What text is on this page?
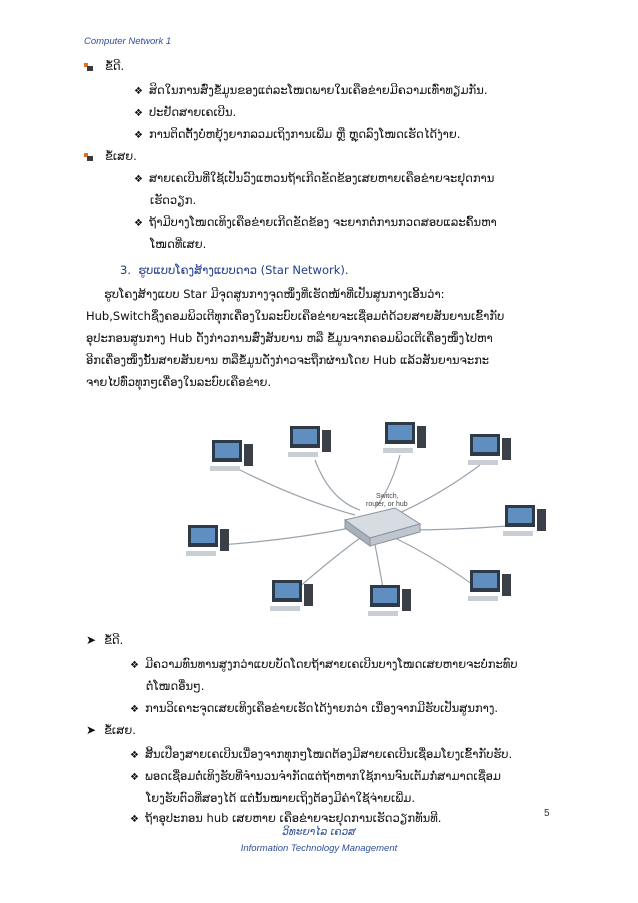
Computer Network 1
ຂໍ້ດີ.
❖ ສິດໃນການສົ່ງຂໍ້ມູນຂອງແຕ່ລະໂໜດພາຍໃນເຄືອຂ່າຍມີຄວາມເທົ່າທຽມກັນ.
❖ ປະຢັດສາຍເຄເບີນ.
❖ ການຕິດຕັ້ງບໍ່ຫຍຸ້ງຍາກລວມເຖິງການເພີ່ມ ຫຼື ຫຼຸດລົງໂໜດເຮັດໄດ້ງ່າຍ.
ຂໍ້ເສຍ.
❖ ສາຍເຄເບີນທີ່ໃຊ້ເປັນວົງແຫວນຖ້າເກີດຂັດຂ້ອງເສຍຫາຍເຄືອຂ່າຍຈະຢຸດການ
ເຮັດວຽກ.
❖ ຖ້າມີບາງໂໜດເທິງເຄືອຂ່າຍເກີດຂັດຂ້ອງ ຈະຍາກຕໍ່ການກວດສອບແລະຄົ້ນຫາ
ໂໜດທີ່ເສຍ.
3. ຮູບແບບໂຄງສ້າງແບບດາວ (Star Network).
ຮູບໂຄງສ້າງແບບ Star ມີຈຸດສູນກາງຈຸດໜຶ່ງທີ່ເຮັດໜ້າທີ່ເປັນສູນກາງເອີ້ນວ່າ:
Hub,Switchຊຶ່ງຄອມພິວເຕີທຸກເຄື່ອງໃນລະບົບເຄືອຂ່າຍຈະເຊື່ອມຕໍ່ດ້ວຍສາຍສັນຍານເຂົ້າກັບ
ອຸປະກອນສູນກາງ Hub ດັ່ງກ່າວການສົ່ງສັນຍານ ຫລື ຂໍ້ມູນຈາກຄອມພິວເຕີເຄື່ອງໜຶ່ງໄປຫາ
ອີກເຄື່ອງໜຶ່ງນັ້ນສາຍສັນຍານ ຫລືຂໍ້ມູນດັ່ງກ່າວຈະຖືກຜ່ານໂດຍ Hub ແລ້ວສັນຍານຈະກະ
ຈາຍໄປທົ່ວທຸກໆເຄື່ອງໃນລະບົບເຄືອຂ່າຍ.
Switch,
router, or hub
➤ ຂໍ້ດີ.
❖ ມີຄວາມທົນທານສູງກວ່າແບບບັດໂດຍຖ້າສາຍເຄເບີນບາງໂໜດເສຍຫາຍຈະບໍ່ກະທົບ
ຕໍ່ໂໜດອື່ນໆ.
❖ ການວິເຄາະຈຸດເສຍເທິງເຄືອຂ່າຍເຮັດໄດ້ງ່າຍກວ່າ ເນື່ອງຈາກມີຮັບເປັນສູນກາງ.
➤ ຂໍ້ເສຍ.
❖ ສິ້ນເປືອງສາຍເຄເບີນເນື່ອງຈາກທຸກໆໂໜດຕ້ອງມີສາຍເຄເບີນເຊື່ອມໂຍງເຂົ້າກັບຮັບ.
❖ ພອດເຊື່ອມຕໍ່ເທິງຮັບທີ່ຈຳນວນຈຳກັດແຕ່ຖ້າຫາກໃຊ້ການຈົນເຕັມກໍ່ສາມາດເຊື່ອມ
ໂຍງຮັບຕົວທີ່ສອງໄດ້ ແຕ່ນັ້ນໝາຍເຖິງຕ້ອງມີຄ່າໃຊ້ຈ່າຍເພີ່ມ.
❖ ຖ້າອຸປະກອນ hub ເສຍຫາຍ ເຄືອຂ່າຍຈະຢຸດການເຮັດວຽກທັນທີ.	5
ວິທະຍາໄລ ເຄວສ
Information Technology Management
